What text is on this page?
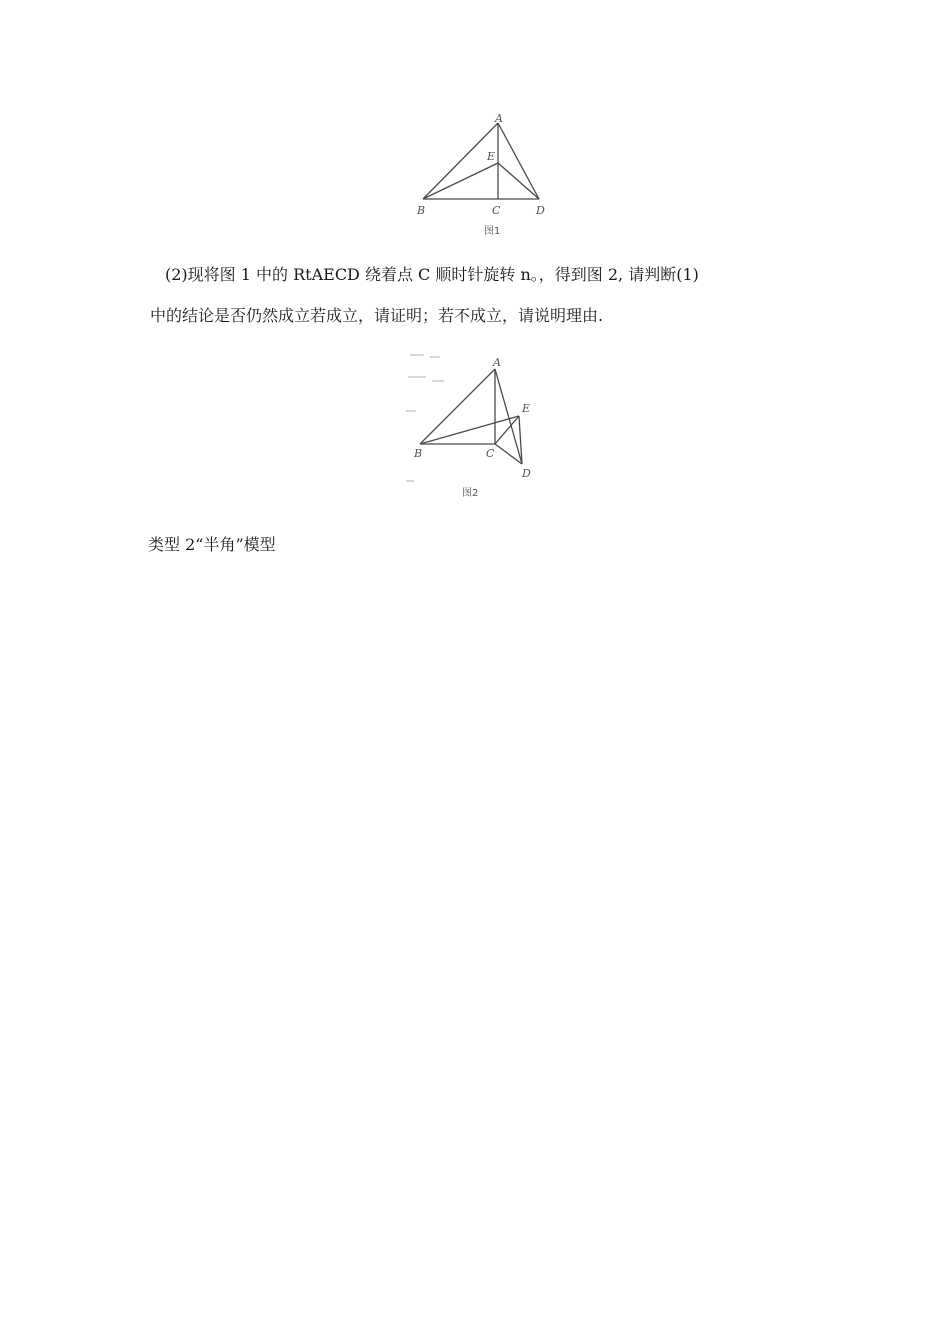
A
E
B	C	D
图1
(2)现将图 1 中的 RtAECD 绕着点 C 顺时针旋转 n。，得到图 2, 请判断(1)
中的结论是否仍然成立若成立，请证明；若不成立，请说明理由.
A
E
B	C
D
图2
类型 2“半角”模型
